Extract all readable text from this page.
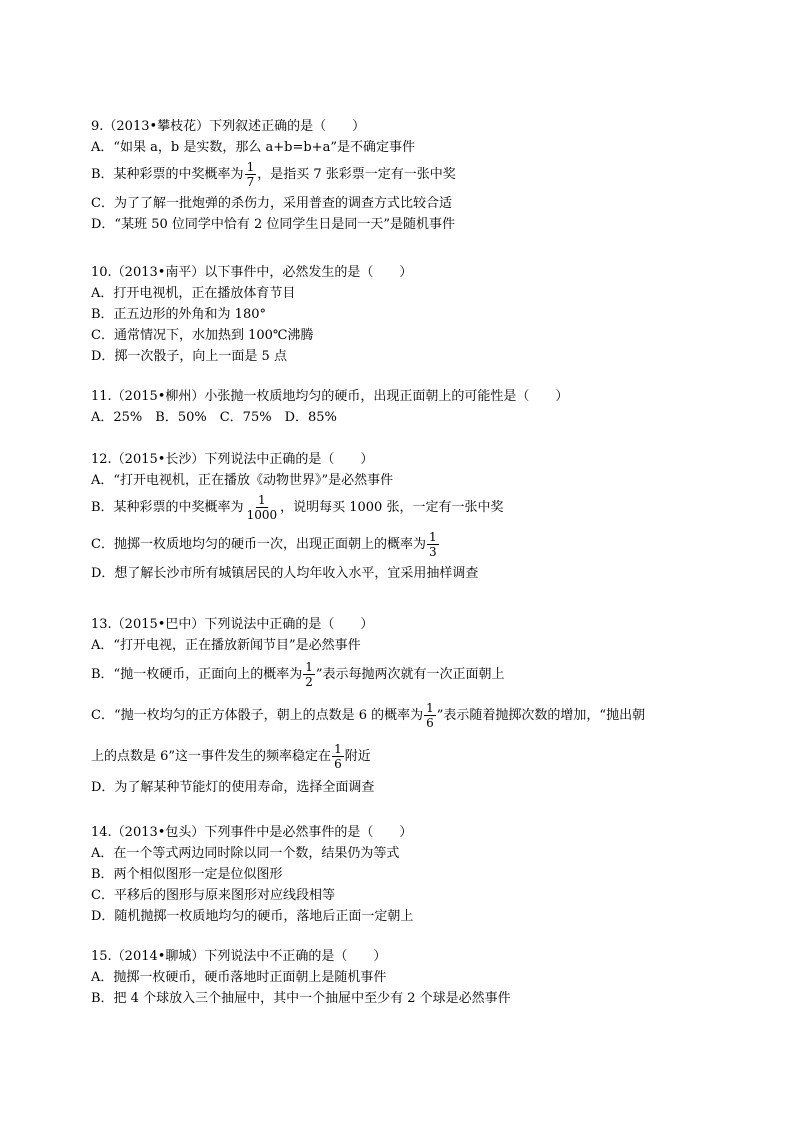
9.（2013•攀枝花）下列叙述正确的是（　　）
A．“如果 a，b 是实数，那么 a+b=b+a”是不确定事件
B．某种彩票的中奖概率为 $\frac{1}{7}$ ，是指买 7 张彩票一定有一张中奖
C．为了了解一批炮弹的杀伤力，采用普查的调查方式比较合适
D．“某班 50 位同学中恰有 2 位同学生日是同一天”是随机事件
10.（2013•南平）以下事件中，必然发生的是（　　）
A．打开电视机，正在播放体育节目
B．正五边形的外角和为 180°
C．通常情况下，水加热到 100℃沸腾
D．掷一次骰子，向上一面是 5 点
11.（2015•柳州）小张抛一枚质地均匀的硬币，出现正面朝上的可能性是（　　）
A．25%　B．50%　C．75%　D．85%
12.（2015•长沙）下列说法中正确的是（　　）
A．“打开电视机，正在播放《动物世界》”是必然事件
B．某种彩票的中奖概率为 $\frac{1}{1000}$ ，说明每买 1000 张，一定有一张中奖
C．抛掷一枚质地均匀的硬币一次，出现正面朝上的概率为 $\frac{1}{3}$
D．想了解长沙市所有城镇居民的人均年收入水平，宜采用抽样调查
13.（2015•巴中）下列说法中正确的是（　　）
A．“打开电视，正在播放新闻节目”是必然事件
B．“抛一枚硬币，正面向上的概率为 $\frac{1}{2}$ ”表示每抛两次就有一次正面朝上
C．“抛一枚均匀的正方体骰子，朝上的点数是 6 的概率为 $\frac{1}{6}$ ”表示随着抛掷次数的增加，“抛出朝
上的点数是 6”这一事件发生的频率稳定在 $\frac{1}{6}$ 附近
D．为了解某种节能灯的使用寿命，选择全面调查
14.（2013•包头）下列事件中是必然事件的是（　　）
A．在一个等式两边同时除以同一个数，结果仍为等式
B．两个相似图形一定是位似图形
C．平移后的图形与原来图形对应线段相等
D．随机抛掷一枚质地均匀的硬币，落地后正面一定朝上
15.（2014•聊城）下列说法中不正确的是（　　）
A．抛掷一枚硬币，硬币落地时正面朝上是随机事件
B．把 4 个球放入三个抽屉中，其中一个抽屉中至少有 2 个球是必然事件
